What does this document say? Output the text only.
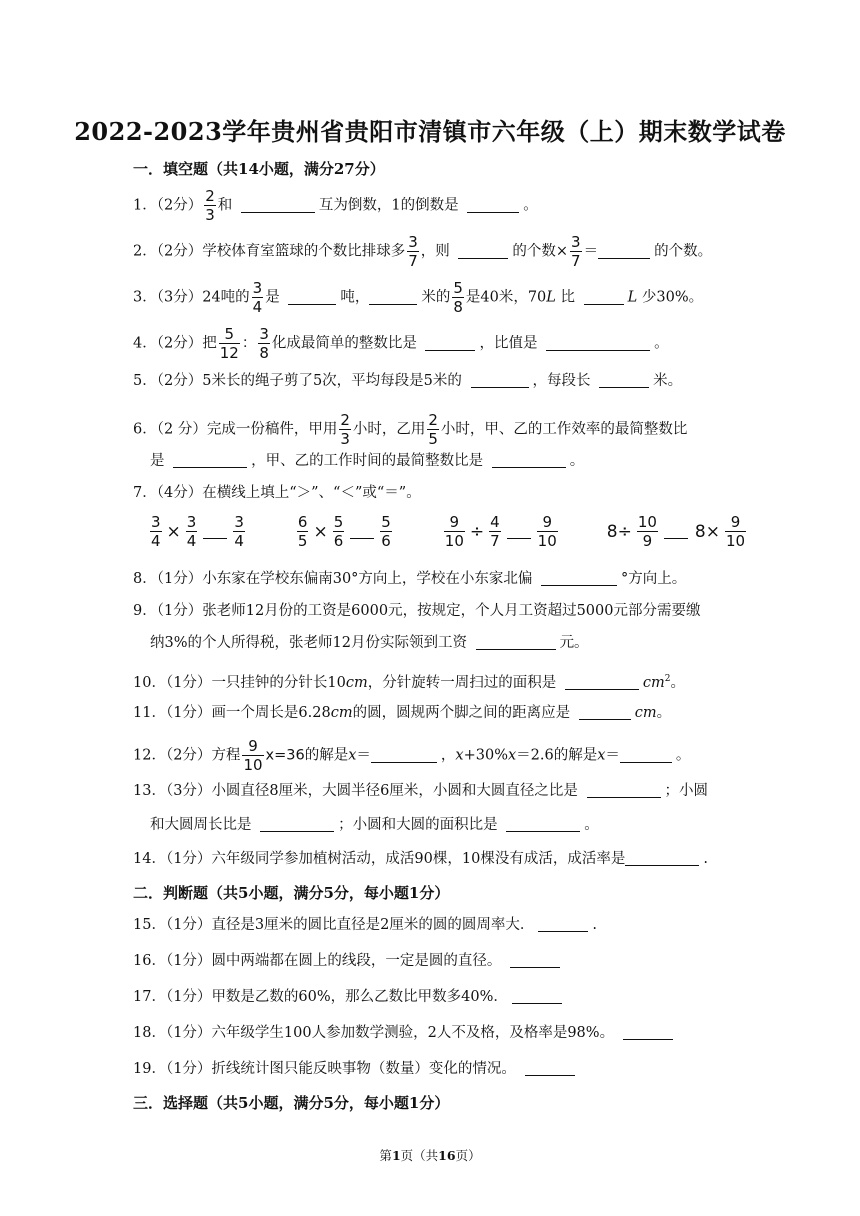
2022-2023学年贵州省贵阳市清镇市六年级（上）期末数学试卷
一．填空题（共14小题，满分27分）
1．（2分） $\frac{2}{3}$ 和	互为倒数，1的倒数是	。
2．（2分）学校体育室篮球的个数比排球多 $\frac{3}{7}$ ，则	的个数× $\frac{3}{7}$ ＝	的个数。
3．（3分）24吨的 $\frac{3}{4}$ 是	吨，	米的 $\frac{5}{8}$ 是40米，70L 比	L 少30%。
4．（2分）把 $\frac{5}{12}$ ： $\frac{3}{8}$ 化成最简单的整数比是	，比值是	。
5．（2分）5米长的绳子剪了5次，平均每段是5米的	，每段长	米。
6．（2 分）完成一份稿件，甲用 $\frac{2}{3}$ 小时，乙用 $\frac{2}{5}$ 小时，甲、乙的工作效率的最简整数比
是	，甲、乙的工作时间的最简整数比是	。
7．（4分）在横线上填上“＞”、“＜”或“＝”。
$\frac{3}{4} \times \frac{3}{4} \frac{3}{4}$	$\frac{6}{5} \times \frac{5}{6} \frac{5}{6}$	$\frac{9}{10} \div \frac{4}{7} \frac{9}{10}$	$8\div \frac{10}{9} 8\times \frac{9}{10}$
8．（1分）小东家在学校东偏南30°方向上，学校在小东家北偏	°方向上。
9．（1分）张老师12月份的工资是6000元，按规定，个人月工资超过5000元部分需要缴
纳3%的个人所得税，张老师12月份实际领到工资	元。
10．（1分）一只挂钟的分针长10cm，分针旋转一周扫过的面积是	$cm^2$。
11．（1分）画一个周长是6.28cm的圆，圆规两个脚之间的距离应是	cm。
12．（2分）方程 $\frac{9}{10} x=36$的解是x＝	，x+30%x＝2.6的解是x＝	。
13．（3分）小圆直径8厘米，大圆半径6厘米，小圆和大圆直径之比是	；小圆
和大圆周长比是	；小圆和大圆的面积比是	。
14．（1分）六年级同学参加植树活动，成活90棵，10棵没有成活，成活率是	.
二．判断题（共5小题，满分5分，每小题1分）
15．（1分）直径是3厘米的圆比直径是2厘米的圆的圆周率大．	.
16．（1分）圆中两端都在圆上的线段，一定是圆的直径。
17．（1分）甲数是乙数的60%，那么乙数比甲数多40%．
18．（1分）六年级学生100人参加数学测验，2人不及格，及格率是98%。
19．（1分）折线统计图只能反映事物（数量）变化的情况。
三．选择题（共5小题，满分5分，每小题1分）
第1页（共16页）
